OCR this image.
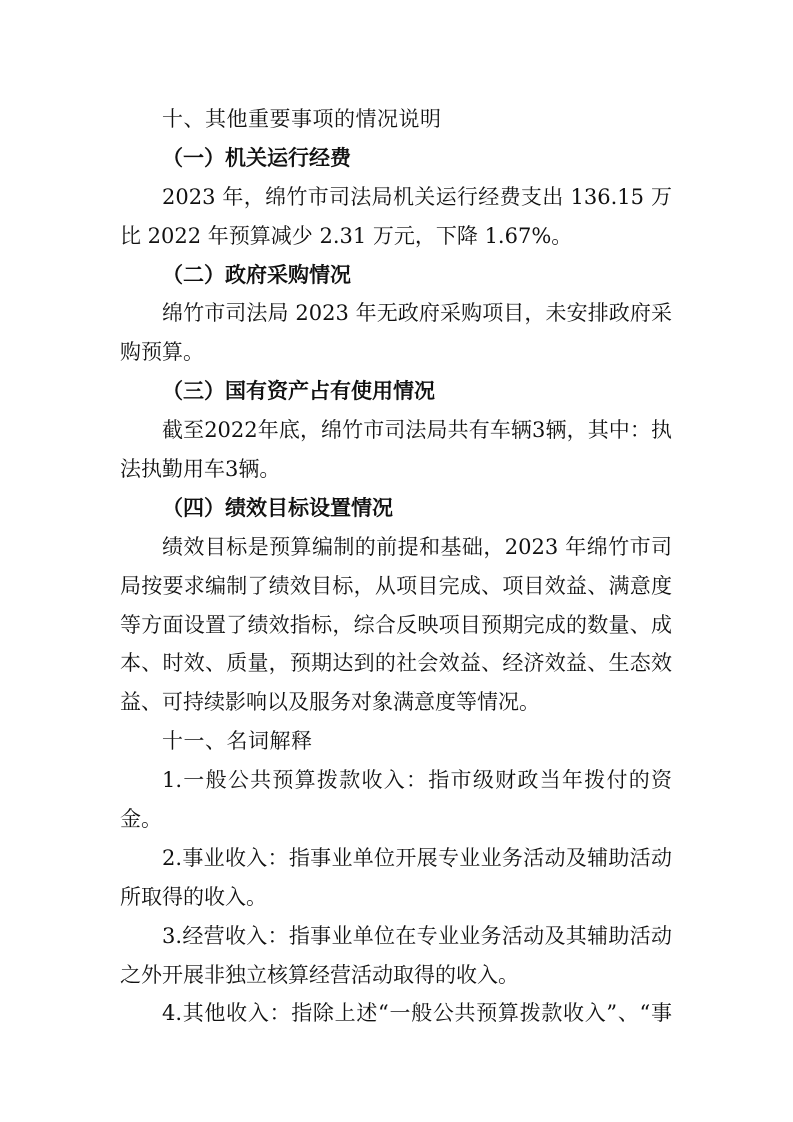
十、其他重要事项的情况说明
（一）机关运行经费
2023 年，绵竹市司法局机关运行经费支出 136.15 万
比 2022 年预算减少 2.31 万元，下降 1.67%。
（二）政府采购情况
绵竹市司法局 2023 年无政府采购项目，未安排政府采
购预算。
（三）国有资产占有使用情况
截至2022年底，绵竹市司法局共有车辆3辆，其中：执
法执勤用车3辆。
（四）绩效目标设置情况
绩效目标是预算编制的前提和基础，2023 年绵竹市司
局按要求编制了绩效目标，从项目完成、项目效益、满意度
等方面设置了绩效指标，综合反映项目预期完成的数量、成
本、时效、质量，预期达到的社会效益、经济效益、生态效
益、可持续影响以及服务对象满意度等情况。
十一、名词解释
1.一般公共预算拨款收入：指市级财政当年拨付的资
金。
2.事业收入：指事业单位开展专业业务活动及辅助活动
所取得的收入。
3.经营收入：指事业单位在专业业务活动及其辅助活动
之外开展非独立核算经营活动取得的收入。
4.其他收入：指除上述“一般公共预算拨款收入”、“事
